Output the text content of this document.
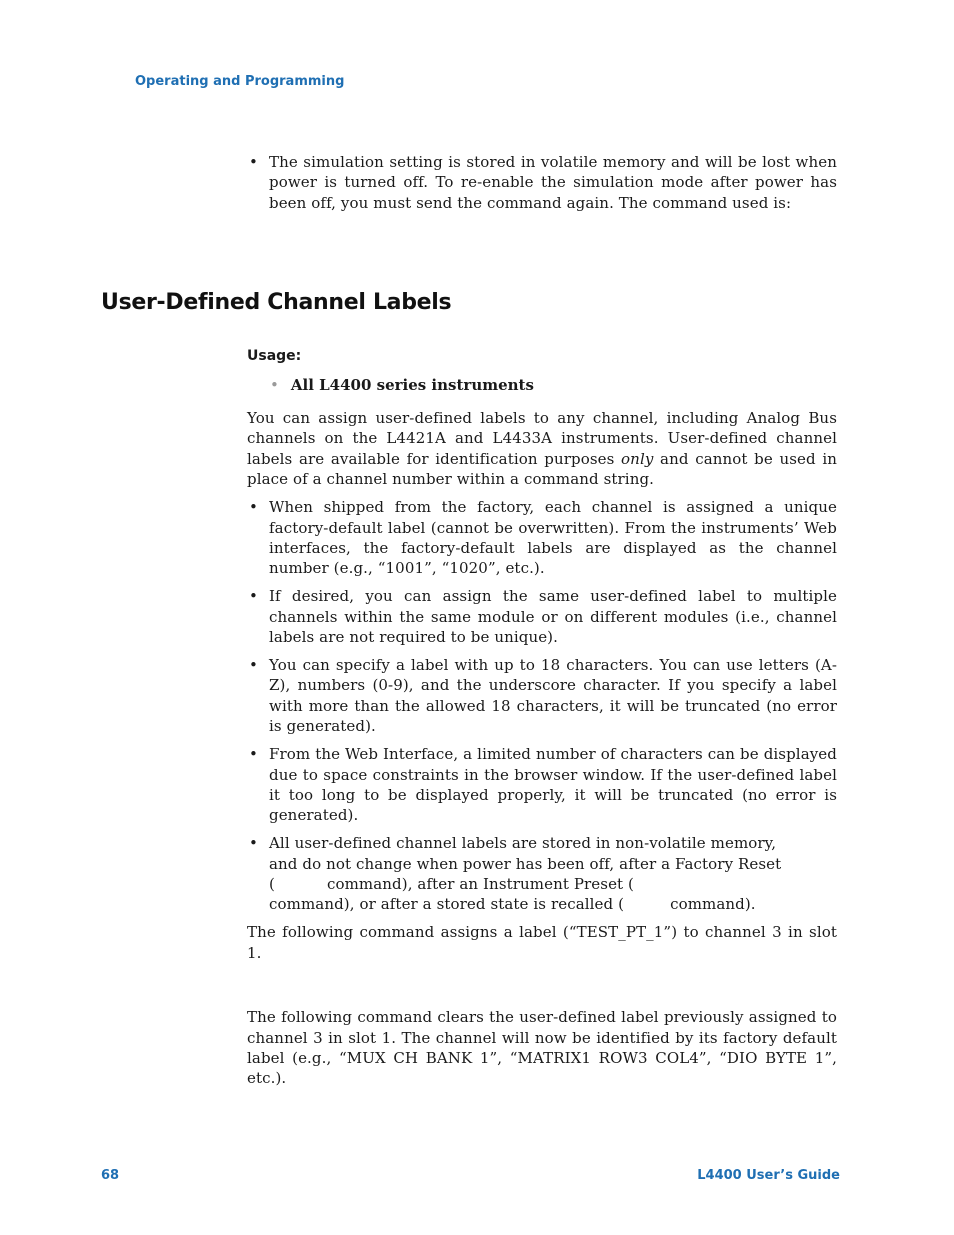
Operating and Programming
• The simulation setting is stored in volatile memory and will be lost when power is turned off. To re-enable the simulation mode after power has been off, you must send the command again. The command used is:
User-Defined Channel Labels
Usage:
• All L4400 series instruments

You can assign user-defined labels to any channel, including Analog Bus channels on the L4421A and L4433A instruments. User-defined channel labels are available for identification purposes only and cannot be used in place of a channel number within a command string.

• When shipped from the factory, each channel is assigned a unique factory-default label (cannot be overwritten). From the instruments’ Web interfaces, the factory-default labels are displayed as the channel number (e.g., “1001”, “1020”, etc.).
• If desired, you can assign the same user-defined label to multiple channels within the same module or on different modules (i.e., channel labels are not required to be unique).
• You can specify a label with up to 18 characters. You can use letters (A-Z), numbers (0-9), and the underscore character. If you specify a label with more than the allowed 18 characters, it will be truncated (no error is generated).
• From the Web Interface, a limited number of characters can be displayed due to space constraints in the browser window. If the user-defined label it too long to be displayed properly, it will be truncated (no error is generated).
• All user-defined channel labels are stored in non-volatile memory,
and do not change when power has been off, after a Factory Reset
(	command), after an Instrument Preset (
command), or after a stored state is recalled (	command).

The following command assigns a label (“TEST_PT_1”) to channel 3 in slot 1.

The following command clears the user-defined label previously assigned to channel 3 in slot 1. The channel will now be identified by its factory default label (e.g., “MUX CH BANK 1”, “MATRIX1 ROW3 COL4”, “DIO BYTE 1”, etc.).

68	L4400 User’s Guide
